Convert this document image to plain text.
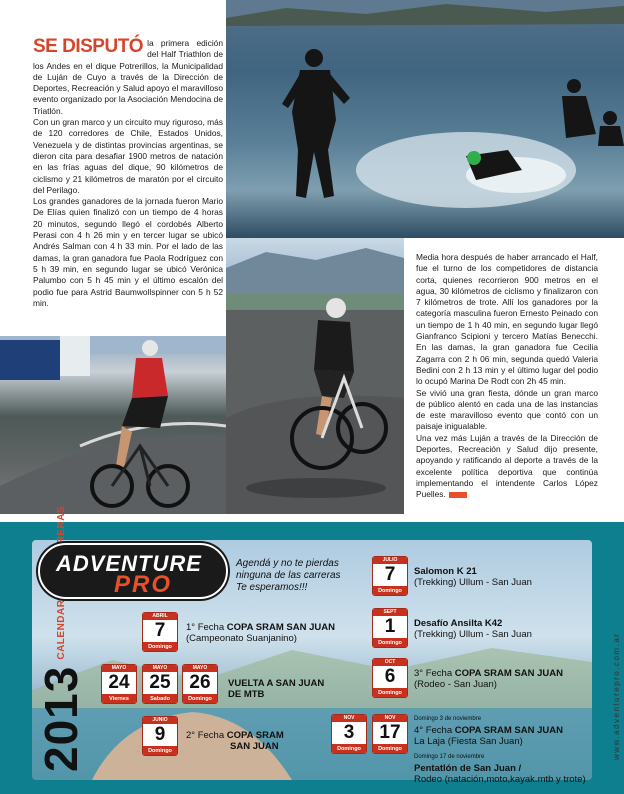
SE DISPUTÓ la primera edición del Half Triathlon de los Andes en el dique Potrerillos, la Municipalidad de Luján de Cuyo a través de la Dirección de Deportes, Recreación y Salud apoyo el maravilloso evento organizado por la Asociación Mendocina de Triatlón.

Con un gran marco y un circuito muy riguroso, más de 120 corredores de Chile, Estados Unidos, Venezuela y de distintas provincias argentinas, se dieron cita para desafiar 1900 metros de natación en las frías aguas del dique, 90 kilómetros de ciclismo y 21 kilómetros de maratón por el circuito del Perilago.

Los grandes ganadores de la jornada fueron Mario De Elías quien finalizó con un tiempo de 4 horas 20 minutos, segundo llegó el cordobés Alberto Perasi con 4 h 26 min y en tercer lugar se ubicó Andrés Salman con 4 h 33 min. Por el lado de las damas, la gran ganadora fue Paola Rodríguez con 5 h 39 min, en segundo lugar se ubicó Verónica Palumbo con 5 h 45 min y el último escalón del podio fue para Astrid Baumwollspinner con 5 h 52 min.

Media hora después de haber arrancado el Half, fue el turno de los competidores de distancia corta, quienes recorrieron 900 metros en el agua, 30 kilómetros de ciclismo y finalizaron con 7 kilómetros de trote. Allí los ganadores por la categoría masculina fueron Ernesto Peinado con un tiempo de 1 h 40 min, en segundo lugar llegó Gianfranco Scipioni y tercero Matías Benecchi. En las damas, la gran ganadora fue Cecilia Zagarra con 2 h 06 min, segunda quedó Valeria Bedini con 2 h 13 min y el último lugar del podio lo ocupó Marina De Rodt con 2h 45 min.

Se vivió una gran fiesta, dónde un gran marco de público alentó en cada una de las instancias de este maravilloso evento que contó con un paisaje inigualable.

Una vez más Luján a través de la Dirección de Deportes, Recreación y Salud dijo presente, apoyando y ratificando al deporte a través de la excelente política deportiva que continúa implementando el intendente Carlos López Puelles.

2013	www.adventurepro.com.ar
ADVENTURE
PRO
Agendá y no te pierdas
ninguna de las carreras
Te esperamos!!!
ABRIL
7
Domingo
MAYO
24
Viernes
MAYO
25
Sabado
MAYO
26
Domingo
JUNIO
9
Domingo
JULIO
7
Domingo
SEPT
1
Domingo
OCT
6
Domingo
NOV
3
Domingo
NOV
17
Domingo
1° Fecha COPA SRAM SAN JUAN
(Campeonato Suanjanino)
VUELTA A SAN JUAN
DE MTB
2° Fecha COPA SRAM
SAN JUAN
Salomon K 21
(Trekking) Ullum - San Juan
Desafío Ansilta K42
(Trekking) Ullum - San Juan
3° Fecha COPA SRAM SAN JUAN
(Rodeo - San Juan)
Domingo 3 de noviembre
4° Fecha COPA SRAM SAN JUAN
La Laja (Fiesta San Juan)
Domingo 17 de noviembre
Pentatlón de San Juan /
Rodeo (natación,moto,kayak.mtb y trote)
